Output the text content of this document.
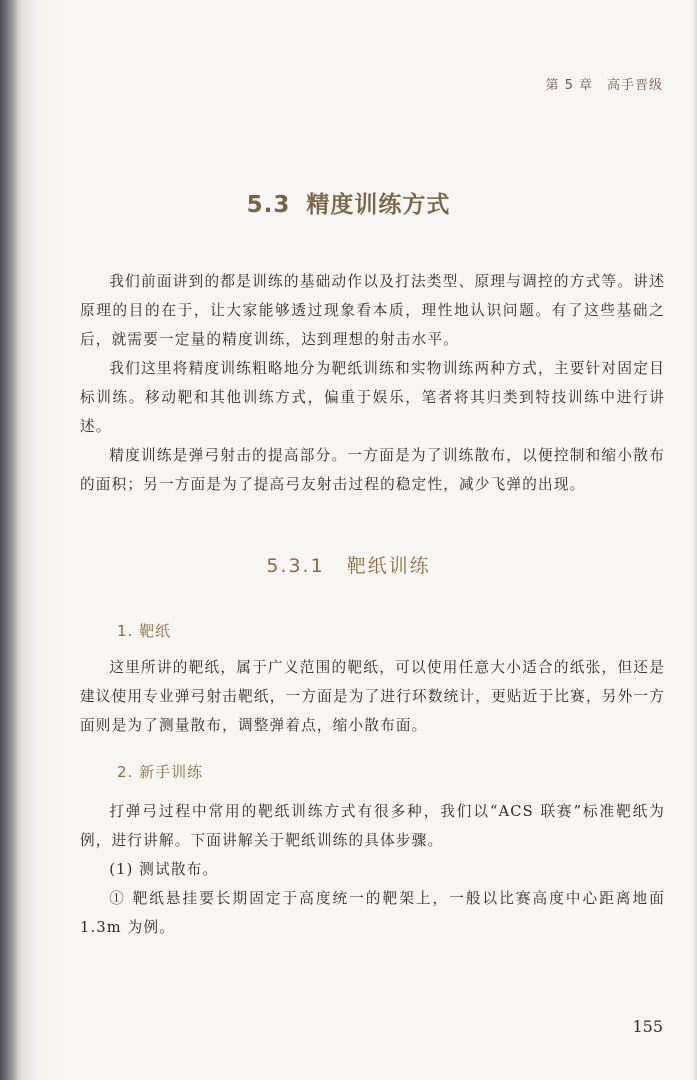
第 5 章 高手晋级
5.3 精度训练方式

我们前面讲到的都是训练的基础动作以及打法类型、原理与调控的方式等。讲述原理的目的在于，让大家能够透过现象看本质，理性地认识问题。有了这些基础之后，就需要一定量的精度训练，达到理想的射击水平。

我们这里将精度训练粗略地分为靶纸训练和实物训练两种方式，主要针对固定目标训练。移动靶和其他训练方式，偏重于娱乐，笔者将其归类到特技训练中进行讲述。

精度训练是弹弓射击的提高部分。一方面是为了训练散布，以便控制和缩小散布的面积；另一方面是为了提高弓友射击过程的稳定性，减少飞弹的出现。

5.3.1 靶纸训练
1. 靶纸

这里所讲的靶纸，属于广义范围的靶纸，可以使用任意大小适合的纸张，但还是建议使用专业弹弓射击靶纸，一方面是为了进行环数统计，更贴近于比赛，另外一方面则是为了测量散布，调整弹着点，缩小散布面。

2. 新手训练

打弹弓过程中常用的靶纸训练方式有很多种，我们以“ACS 联赛”标准靶纸为例，进行讲解。下面讲解关于靶纸训练的具体步骤。

(1) 测试散布。

① 靶纸悬挂要长期固定于高度统一的靶架上，一般以比赛高度中心距离地面 1.3m 为例。

155
